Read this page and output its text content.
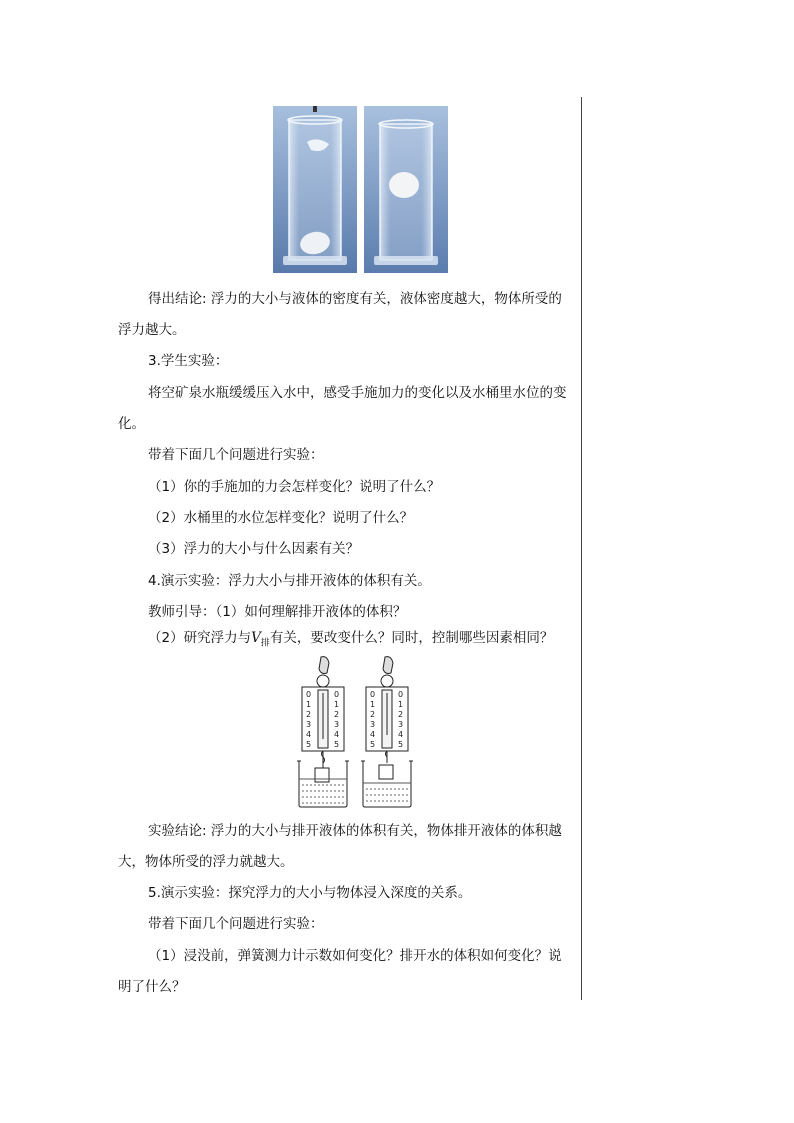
得出结论: 浮力的大小与液体的密度有关，液体密度越大，物体所受的

浮力越大。

3.学生实验：

将空矿泉水瓶缓缓压入水中，感受手施加力的变化以及水桶里水位的变

化。

带着下面几个问题进行实验：

（1）你的手施加的力会怎样变化？说明了什么？

（2）水桶里的水位怎样变化？说明了什么？

（3）浮力的大小与什么因素有关？

4.演示实验：浮力大小与排开液体的体积有关。

教师引导：（1）如何理解排开液体的体积？

（2）研究浮力与$V_排$有关，要改变什么？同时，控制哪些因素相同？

0
1
2
3
4
5
0
1
2
3
4
5
0
1
2
3
4
5
0
1
2
3
4
5

实验结论: 浮力的大小与排开液体的体积有关，物体排开液体的体积越

大，物体所受的浮力就越大。

5.演示实验：探究浮力的大小与物体浸入深度的关系。

带着下面几个问题进行实验：

（1）浸没前，弹簧测力计示数如何变化？排开水的体积如何变化？说

明了什么？
